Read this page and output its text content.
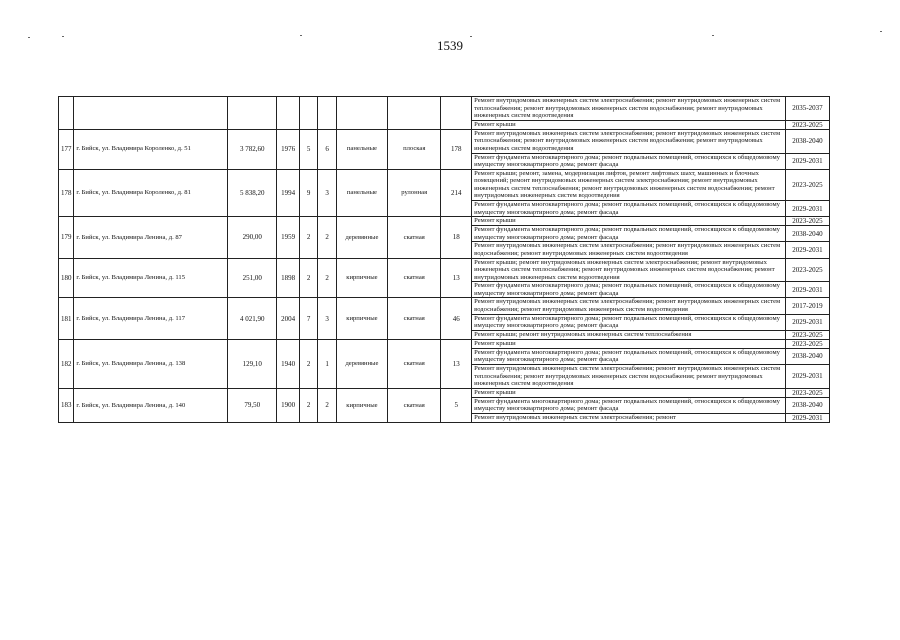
1539
									Ремонт внутридомовых инженерных систем электроснабжения; ремонт внутридомовых инженерных систем теплоснабжения; ремонт внутридомовых инженерных систем водоснабжения; ремонт внутридомовых инженерных систем водоотведения	2035-2037
									Ремонт крыши	2023-2025
177	г. Бийск, ул. Владимира Короленко, д. 51	3 782,60	1976	5	6	панельные	плоская	178	Ремонт внутридомовых инженерных систем электроснабжения; ремонт внутридомовых инженерных систем теплоснабжения; ремонт внутридомовых инженерных систем водоснабжения; ремонт внутридомовых инженерных систем водоотведения	2038-2040
									Ремонт фундамента многоквартирного дома; ремонт подвальных помещений, относящихся к общедомовому имуществу многоквартирного дома; ремонт фасада	2029-2031
178	г. Бийск, ул. Владимира Короленко, д. 81	5 838,20	1994	9	3	панельные	рулонная	214	Ремонт крыши; ремонт, замена, модернизация лифтов, ремонт лифтовых шахт, машинных и блочных помещений; ремонт внутридомовых инженерных систем электроснабжения; ремонт внутридомовых инженерных систем теплоснабжения; ремонт внутридомовых инженерных систем водоснабжения; ремонт внутридомовых инженерных систем водоотведения	2023-2025
									Ремонт фундамента многоквартирного дома; ремонт подвальных помещений, относящихся к общедомовому имуществу многоквартирного дома; ремонт фасада	2029-2031
179	г. Бийск, ул. Владимира Ленина, д. 87	290,00	1959	2	2	деревянные	скатная	18	Ремонт крыши	2023-2025
									Ремонт фундамента многоквартирного дома; ремонт подвальных помещений, относящихся к общедомовому имуществу многоквартирного дома; ремонт фасада	2038-2040
									Ремонт внутридомовых инженерных систем электроснабжения; ремонт внутридомовых инженерных систем водоснабжения; ремонт внутридомовых инженерных систем водоотведения	2029-2031
180	г. Бийск, ул. Владимира Ленина, д. 115	251,00	1898	2	2	кирпичные	скатная	13	Ремонт крыши; ремонт внутридомовых инженерных систем электроснабжения; ремонт внутридомовых инженерных систем теплоснабжения; ремонт внутридомовых инженерных систем водоснабжения; ремонт внутридомовых инженерных систем водоотведения	2023-2025
									Ремонт фундамента многоквартирного дома; ремонт подвальных помещений, относящихся к общедомовому имуществу многоквартирного дома; ремонт фасада	2029-2031
181	г. Бийск, ул. Владимира Ленина, д. 117	4 021,90	2004	7	3	кирпичные	скатная	46	Ремонт внутридомовых инженерных систем электроснабжения; ремонт внутридомовых инженерных систем водоснабжения; ремонт внутридомовых инженерных систем водоотведения	2017-2019
									Ремонт фундамента многоквартирного дома; ремонт подвальных помещений, относящихся к общедомовому имуществу многоквартирного дома; ремонт фасада	2029-2031
									Ремонт крыши; ремонт внутридомовых инженерных систем теплоснабжения	2023-2025
182	г. Бийск, ул. Владимира Ленина, д. 138	129,10	1940	2	1	деревянные	скатная	13	Ремонт крыши	2023-2025
									Ремонт фундамента многоквартирного дома; ремонт подвальных помещений, относящихся к общедомовому имуществу многоквартирного дома; ремонт фасада	2038-2040
									Ремонт внутридомовых инженерных систем электроснабжения; ремонт внутридомовых инженерных систем теплоснабжения; ремонт внутридомовых инженерных систем водоснабжения; ремонт внутридомовых инженерных систем водоотведения	2029-2031
183	г. Бийск, ул. Владимира Ленина, д. 140	79,50	1900	2	2	кирпичные	скатная	5	Ремонт крыши	2023-2025
									Ремонт фундамента многоквартирного дома; ремонт подвальных помещений, относящихся к общедомовому имуществу многоквартирного дома; ремонт фасада	2038-2040
									Ремонт внутридомовых инженерных систем электроснабжения; ремонт	2029-2031
